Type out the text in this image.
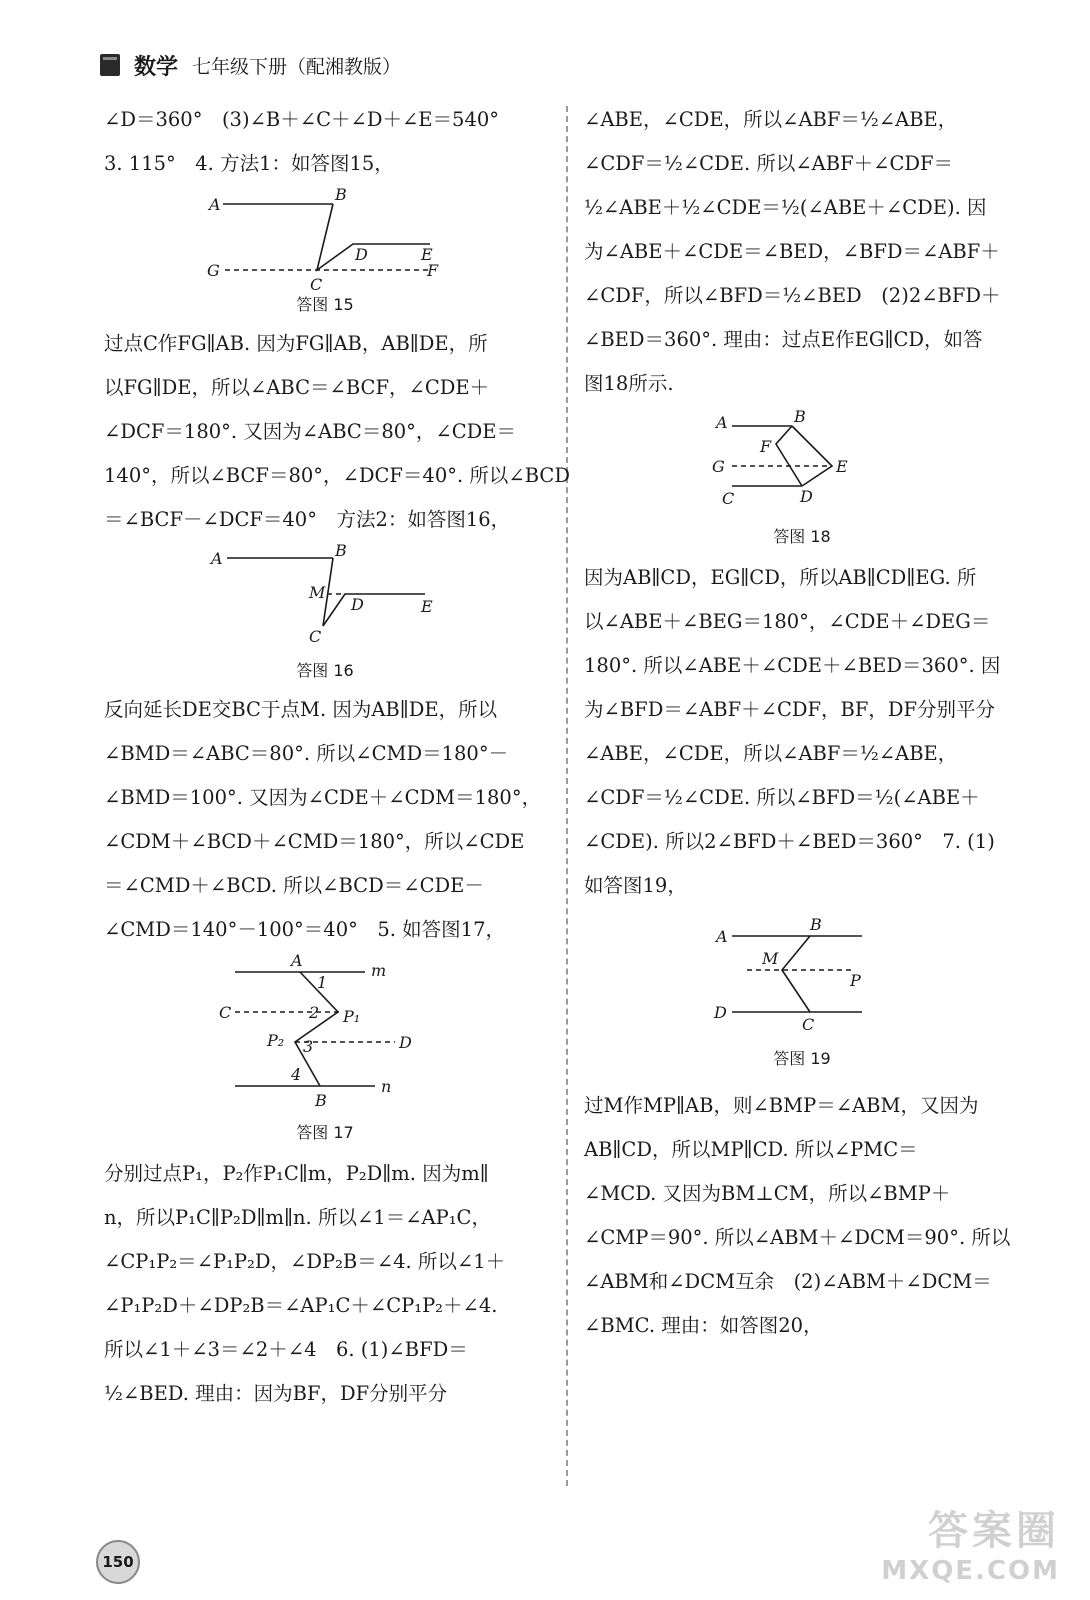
数学 七年级下册（配湘教版）
∠D＝360°　(3)∠B＋∠C＋∠D＋∠E＝540°
3. 115°　4. 方法1：如答图15，
A
B
D	E
G
C
F
答图 15
过点C作FG∥AB. 因为FG∥AB，AB∥DE，所
以FG∥DE，所以∠ABC＝∠BCF，∠CDE＋
∠DCF＝180°. 又因为∠ABC＝80°，∠CDE＝
140°，所以∠BCF＝80°，∠DCF＝40°. 所以∠BCD
＝∠BCF－∠DCF＝40°　方法2：如答图16，
A	B
M
D	E
C
答图 16
反向延长DE交BC于点M. 因为AB∥DE，所以
∠BMD＝∠ABC＝80°. 所以∠CMD＝180°－
∠BMD＝100°. 又因为∠CDE＋∠CDM＝180°，
∠CDM＋∠BCD＋∠CMD＝180°，所以∠CDE
＝∠CMD＋∠BCD. 所以∠BCD＝∠CDE－
∠CMD＝140°－100°＝40°　5. 如答图17，
A
1
m
C	2 P₁
P₂ 3	D
4
B
n
答图 17
分别过点P₁，P₂作P₁C∥m，P₂D∥m. 因为m∥
n，所以P₁C∥P₂D∥m∥n. 所以∠1＝∠AP₁C，
∠CP₁P₂＝∠P₁P₂D，∠DP₂B＝∠4. 所以∠1＋
∠P₁P₂D＋∠DP₂B＝∠AP₁C＋∠CP₁P₂＋∠4.
所以∠1＋∠3＝∠2＋∠4　6. (1)∠BFD＝
½∠BED. 理由：因为BF，DF分别平分
∠ABE，∠CDE，所以∠ABF＝½∠ABE，
∠CDF＝½∠CDE. 所以∠ABF＋∠CDF＝
½∠ABE＋½∠CDE＝½(∠ABE＋∠CDE). 因
为∠ABE＋∠CDE＝∠BED，∠BFD＝∠ABF＋
∠CDF，所以∠BFD＝½∠BED　(2)2∠BFD＋
∠BED＝360°. 理由：过点E作EG∥CD，如答
图18所示.
A	B
F
G	E
C	D
答图 18
因为AB∥CD，EG∥CD，所以AB∥CD∥EG. 所
以∠ABE＋∠BEG＝180°，∠CDE＋∠DEG＝
180°. 所以∠ABE＋∠CDE＋∠BED＝360°. 因
为∠BFD＝∠ABF＋∠CDF，BF，DF分别平分
∠ABE，∠CDE，所以∠ABF＝½∠ABE，
∠CDF＝½∠CDE. 所以∠BFD＝½(∠ABE＋
∠CDE). 所以2∠BFD＋∠BED＝360°　7. (1)
如答图19，
A
B
M
P
D
C
答图 19
过M作MP∥AB，则∠BMP＝∠ABM，又因为
AB∥CD，所以MP∥CD. 所以∠PMC＝
∠MCD. 又因为BM⊥CM，所以∠BMP＋
∠CMP＝90°. 所以∠ABM＋∠DCM＝90°. 所以
∠ABM和∠DCM互余　(2)∠ABM＋∠DCM＝
∠BMC. 理由：如答图20，
150
答案圈
MXQE.COM
